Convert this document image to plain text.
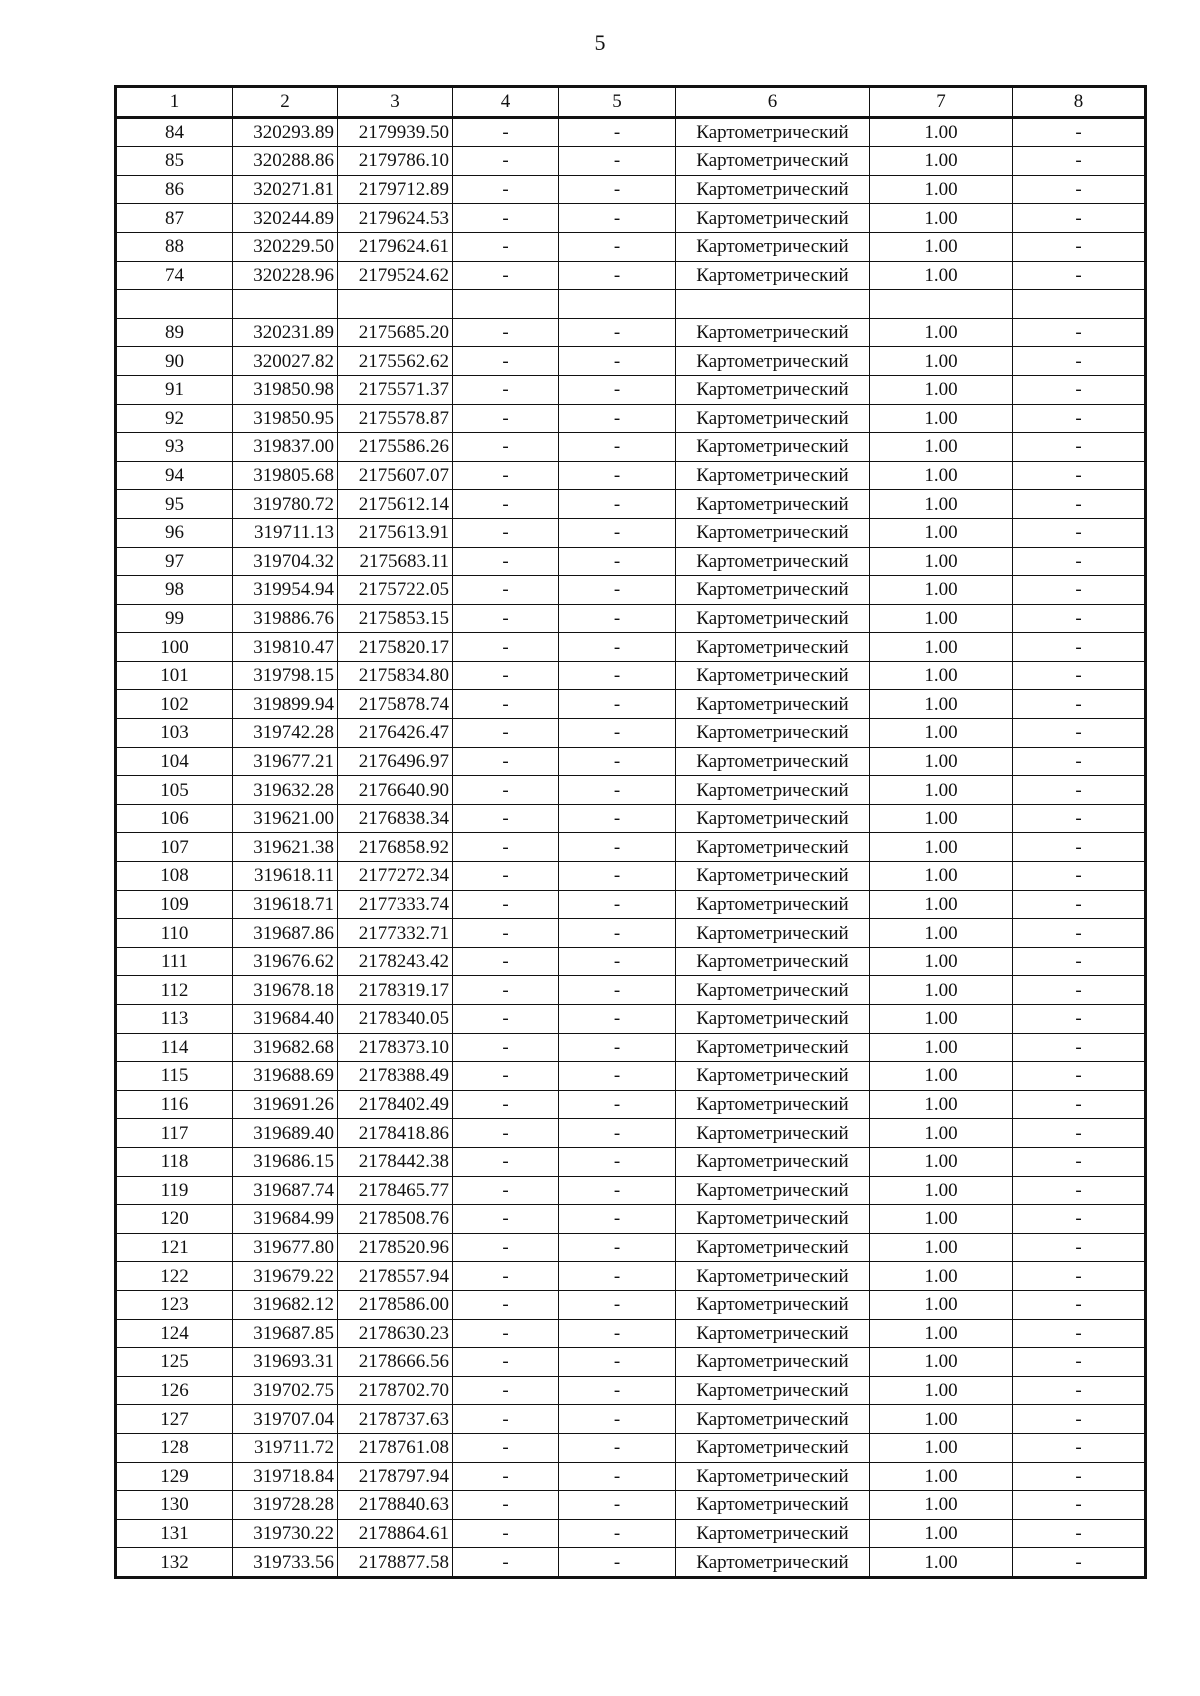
5
1	2	3	4	5	6	7	8
84	320293.89	2179939.50	-	-	Картометрический	1.00	-
85	320288.86	2179786.10	-	-	Картометрический	1.00	-
86	320271.81	2179712.89	-	-	Картометрический	1.00	-
87	320244.89	2179624.53	-	-	Картометрический	1.00	-
88	320229.50	2179624.61	-	-	Картометрический	1.00	-
74	320228.96	2179524.62	-	-	Картометрический	1.00	-

89	320231.89	2175685.20	-	-	Картометрический	1.00	-
90	320027.82	2175562.62	-	-	Картометрический	1.00	-
91	319850.98	2175571.37	-	-	Картометрический	1.00	-
92	319850.95	2175578.87	-	-	Картометрический	1.00	-
93	319837.00	2175586.26	-	-	Картометрический	1.00	-
94	319805.68	2175607.07	-	-	Картометрический	1.00	-
95	319780.72	2175612.14	-	-	Картометрический	1.00	-
96	319711.13	2175613.91	-	-	Картометрический	1.00	-
97	319704.32	2175683.11	-	-	Картометрический	1.00	-
98	319954.94	2175722.05	-	-	Картометрический	1.00	-
99	319886.76	2175853.15	-	-	Картометрический	1.00	-
100	319810.47	2175820.17	-	-	Картометрический	1.00	-
101	319798.15	2175834.80	-	-	Картометрический	1.00	-
102	319899.94	2175878.74	-	-	Картометрический	1.00	-
103	319742.28	2176426.47	-	-	Картометрический	1.00	-
104	319677.21	2176496.97	-	-	Картометрический	1.00	-
105	319632.28	2176640.90	-	-	Картометрический	1.00	-
106	319621.00	2176838.34	-	-	Картометрический	1.00	-
107	319621.38	2176858.92	-	-	Картометрический	1.00	-
108	319618.11	2177272.34	-	-	Картометрический	1.00	-
109	319618.71	2177333.74	-	-	Картометрический	1.00	-
110	319687.86	2177332.71	-	-	Картометрический	1.00	-
111	319676.62	2178243.42	-	-	Картометрический	1.00	-
112	319678.18	2178319.17	-	-	Картометрический	1.00	-
113	319684.40	2178340.05	-	-	Картометрический	1.00	-
114	319682.68	2178373.10	-	-	Картометрический	1.00	-
115	319688.69	2178388.49	-	-	Картометрический	1.00	-
116	319691.26	2178402.49	-	-	Картометрический	1.00	-
117	319689.40	2178418.86	-	-	Картометрический	1.00	-
118	319686.15	2178442.38	-	-	Картометрический	1.00	-
119	319687.74	2178465.77	-	-	Картометрический	1.00	-
120	319684.99	2178508.76	-	-	Картометрический	1.00	-
121	319677.80	2178520.96	-	-	Картометрический	1.00	-
122	319679.22	2178557.94	-	-	Картометрический	1.00	-
123	319682.12	2178586.00	-	-	Картометрический	1.00	-
124	319687.85	2178630.23	-	-	Картометрический	1.00	-
125	319693.31	2178666.56	-	-	Картометрический	1.00	-
126	319702.75	2178702.70	-	-	Картометрический	1.00	-
127	319707.04	2178737.63	-	-	Картометрический	1.00	-
128	319711.72	2178761.08	-	-	Картометрический	1.00	-
129	319718.84	2178797.94	-	-	Картометрический	1.00	-
130	319728.28	2178840.63	-	-	Картометрический	1.00	-
131	319730.22	2178864.61	-	-	Картометрический	1.00	-
132	319733.56	2178877.58	-	-	Картометрический	1.00	-
